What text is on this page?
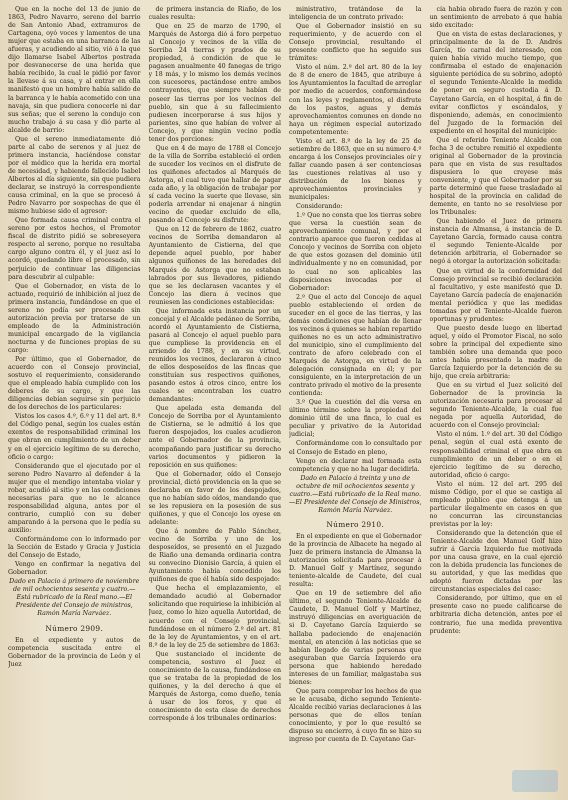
Que en la noche del 13 de junio de 1863, Pedro Navarro, sereno del barrio de San Antonio Abad, extramuros de Cartagena, oyó voces y lamentos de una mujer que estaba en una barranca de las afueras, y acudiendo al sitio, vió á la que dijo llamarse Isabel Albertos postrada por desvanecerse de una herida que había recibido, la cual le pidió por favor la llevase á su casa, y al entrar en ella manifestó que un hombre había salido de la barranca y le había acometido con una navaja, sin que pudiera conocerle ni dar sus señas; que el sereno la condujo con mucho trabajo á su casa y dió parte al alcalde de barrio:

Que el sereno inmediatamente dió parte al cabo de serenos y al juez de primera instancia, haciéndose constar por el médico que la herida era mortal de necesidad, y habiendo fallecido Isabel Albertos al día siguiente, sin que pudiera declarar, se instruyó la correspondiente causa criminal, en la que se procesó á Pedro Navarro por sospechas de que él mismo hubiese sido el agresor:

Que formada causa criminal contra el sereno por estos hechos, el Promotor fiscal de distrito pidió se sobreseyera respecto al sereno, porque no resultaba cargo alguno contra él, y el juez así lo acordó, quedando libre el procesado, sin perjuicio de continuar las diligencias para descubrir al culpable:

Que el Gobernador, en vista de lo actuado, requirió de inhibición al juez de primera instancia, fundándose en que el sereno no podía ser procesado sin autorización previa por tratarse de un empleado de la Administración municipal encargado de la vigilancia nocturna y de funciones propias de su cargo:

Por último, que el Gobernador, de acuerdo con el Consejo provincial, sostuvo el requerimiento, considerando que el empleado había cumplido con los deberes de su cargo, y que las diligencias debían seguirse sin perjuicio de los derechos de los particulares:

Vistos los casos 4.º, 6.º y 11 del art. 8.º del Código penal, según los cuales están exentos de responsabilidad criminal los que obran en cumplimiento de un deber y en el ejercicio legítimo de su derecho, oficio o cargo:

Considerando que el ejecutado por el sereno Pedro Navarro al defender á la mujer que el mendigo intentaba violar y robar, acudió al sitio y en las condiciones necesarias para que no le alcance responsabilidad alguna, antes por el contrario, cumplió con su deber amparando á la persona que le pedía su auxilio:

Conformándome con lo informado por la Sección de Estado y Gracia y Justicia del Consejo de Estado,

Vengo en confirmar la negativa del Gobernador.

Dado en Palacio á primero de noviembre de mil ochocientos sesenta y cuatro.—Está rubricado de la Real mano.—El Presidente del Consejo de ministros, Ramón María Narváez.

Número 2909.

En el expediente y autos de competencia suscitada entre el Gobernador de la provincia de León y el Juez

de primera instancia de Riaño, de los cuales resulta:

Que en 25 de marzo de 1790, el Marqués de Astorga dió á foro perpetuo al Concejo y vecinos de la villa de Sorriba 24 tierras y prados de su propiedad, á condición de que le pagasen anualmente 40 fanegas de trigo y 18 más, y lo mismo los demás vecinos con sucesores, pactándose entre ambos contrayentes, que siempre habían de poseer las tierras por los vecinos del pueblo, sin que á su fallecimiento pudiesen incorporarse á sus hijos y parientes, sino que habían de volver al Concejo, y que ningún vecino podía tener dos porciones:

Que en 4 de mayo de 1788 el Concejo de la villa de Sorriba estableció el orden de suceder los vecinos en el disfrute de los quiñones afectados al Marqués de Astorga, el cual tuvo que hallar de pagar cada año, y la obligación de trabajar por sí cada vecino la suerte que llevase, sin poderla arrendar ni enajenar á ningún vecino de quedar excluido de ella, pasando al Concejo su disfrute:

Que en 12 de febrero de 1862, cuatro vecinos de Sorriba demandaron al Ayuntamiento de Cistierna, del que depende aquel pueblo, por haber algunos quiñones de las heredades del Marqués de Astorga que no estaban labrados por sus llevadores, pidiendo que se les declarasen vacantes y el Concejo las diera á vecinos que reuniesen las condiciones establecidas:

Que informada esta instancia por un concejal y el Alcalde pedáneo de Sorriba, acordó el Ayuntamiento de Cistierna, pasará al Concejo el aquel pueblo para que cumpliese la providencia en el arriendo de 1788, y en su virtud, reunidos los vecinos, declararon á cinco de ellos desposeídos de las fincas que constituían sus respectivos quiñones, pasando estos á otros cinco, entre los cuales se encontraban los cuatro demandantes:

Que apelada esta demanda del Concejo de Sorriba por el Ayuntamiento de Cistierna, se le admitió á los que fueron despojados, los cuales acudieron ante el Gobernador de la provincia, acompañando para justificar su derecho varios documentos y pidieron la reposición en sus quiñones:

Que el Gobernador, oído el Consejo provincial, dictó providencia en la que se declaraba en favor de los despojados, que no habían sido oídos, mandando que se les repusiera en la posesión de sus quiñones, y que el Concejo los oyese en adelante:

Que á nombre de Pablo Sánchez, vecino de Sorriba y uno de los desposeídos, se presentó en el Juzgado de Riaño una demanda ordinaria contra su convecino Dionisio García, á quien el Ayuntamiento había concedido los quiñones de que él había sido despojado:

Que hecha el emplazamiento, el demandado acudió al Gobernador solicitando que requiriese la inhibición al Juez, como lo hizo aquella Autoridad, de acuerdo con el Consejo provincial, fundándose en el número 2.º del art. 81 de la ley de Ayuntamientos, y en el art. 8.º de la ley de 25 de setiembre de 1863:

Que sustanciado el incidente de competencia, sostuvo el Juez el conocimiento de la causa, fundándose en que se trataba de la propiedad de los quiñones, y la del derecho á que el Marqués de Astorga, como dueño, tenía á usar de los foros, y que el conocimiento de esta clase de derechos corresponde á los tribunales ordinarios:

ministrativo, tratándose de la inteligencia de un contrato privado:

Que el Gobernador insistió en su requerimiento, y de acuerdo con el Consejo provincial, resultando el presente conflicto que ha seguido sus trámites:

Visto el núm. 2.º del art. 80 de la ley de 8 de enero de 1845, que atribuye á los Ayuntamientos la facultad de arreglar por medio de acuerdos, conformándose con las leyes y reglamentos, el disfrute de los pastos, aguas y demás aprovechamientos comunes en donde no haya un régimen especial autorizado competentemente:

Visto el art. 8.º de la ley de 25 de setiembre de 1863, que en su número 4.º encarga á los Consejos provinciales oír y fallar cuando pasen á ser contenciosas las cuestiones relativas al uso y distribución de los bienes y aprovechamientos provinciales y municipales:

Considerando:

1.º Que no consta que los tierras sobre que versa la cuestión sean de aprovechamiento comunal, y por el contrario aparece que fueron cedidas al Concejo y vecinos de Sorriba con objeto de que estos gozasen del dominio útil individualmente y no en comunidad, por lo cual no son aplicables las disposiciones invocadas por el Gobernador:

2.º Que el acto del Concejo de aquel pueblo estableciendo el orden de suceder en el goce de las tierras, y las demás condiciones que habían de llenar los vecinos á quienes se habían repartido quiñones no es un acto administrativo del municipio, sino el cumplimiento del contrato de aforo celebrado con el Marqués de Astorga, en virtud de la delegación consignada en él; y por consiguiente, en la interpretación de un contrato privado el motivo de la presente contienda:

3.º Que la cuestión del día versa en último término sobre la propiedad del dominio útil de una finca, lo cual es peculiar y privativo de la Autoridad judicial;

Conformándome con lo consultado por el Consejo de Estado en pleno,

Vengo en declarar mal formada esta competencia y que no ha lugar decidirla.

Dado en Palacio á treinta y uno de octubre de mil ochocientos sesenta y cuatro.—Está rubricado de la Real mano.—El Presidente del Consejo de Ministros, Ramón María Narváez.

Número 2910.

En el expediente en que el Gobernador de la provincia de Albacete ha negado al Juez de primera instancia de Almansa la autorización solicitada para procesar á D. Manuel Golf y Martínez, segundo teniente-alcalde de Caudete, del cual resulta:

Que en 19 de setiembre del año último, el segundo Teniente-Alcalde de Caudete, D. Manuel Golf y Martínez, instruyó diligencias en averiguación de si D. Cayetano García Izquierdo se hallaba padeciendo de enajenación mental, en atención á las noticias que se habían llegado de varias personas que aseguraban que García Izquierdo era persona que habiendo heredado intereses de un familiar, malgastaba sus bienes:

Que para comprobar los hechos de que se le acusaba, dicho segundo Teniente-Alcalde recibió varias declaraciones á las personas que de ellos tenían conocimiento, y por lo que resultó se dispuso su encierro, á cuyo fin se hizo su ingreso por cuenta de D. Cayetano Gar-

cía había obrado fuera de razón y con un sentimiento de arrebato á que había sido excitado:

Que en vista de estas declaraciones, y principalmente de la de D. Andrés García, tío carnal del interesado, con quien había vivido mucho tiempo, que confirmaba el estado de enajenación siguiente periódica de su sobrino, adoptó el segundo Teniente-Alcalde la medida de poner en seguro custodia á D. Cayetano García, en el hospital, á fin de evitar conflictos y escándalos, y disponiendo, además, en conocimiento del Juzgado de la formación del expediente en el hospital del municipio:

Que el referido Teniente Alcalde con fecha 3 de octubre remitió el expediente original al Gobernador de la provincia para que en vista de sus resultados dispusiera lo que creyese más conveniente, y que el Gobernador por su parte determinó que fuese trasladado al hospital de la provincia en calidad de demente, en tanto no se resolviese por los Tribunales:

Que habiendo el Juez de primera instancia de Almansa, á instancia de D. Cayetano García, formado causa contra el segundo Teniente-Alcalde por detención arbitraria, el Gobernador se negó á otorgar la autorización solicitada:

Que en virtud de la conformidad del Consejo provincial se recibió declaración al facultativo, y este manifestó que D. Cayetano García padecía de enajenación mental periódica y que las medidas tomadas por el Teniente-Alcalde fueron oportunas y prudentes:

Que puesto desde luego en libertad aquel, y oído el Promotor Fiscal, no solo sobre la principal del expediente sino también sobre una demanda que poco antes había presentado la madre de García Izquierdo por la detención de su hijo, que creía arbitraria:

Que en su virtud el Juez solicitó del Gobernador de la provincia la autorización necesaria para procesar al segundo Teniente-Alcalde, la cual fue negada por aquella Autoridad, de acuerdo con el Consejo provincial:

Visto el núm. 1.º del art. 30 del Código penal, según el cual está exento de responsabilidad criminal el que obra en cumplimiento de un deber o en el ejercicio legítimo de su derecho, autoridad, oficio ó cargo:

Visto el núm. 12 del art. 295 del mismo Código, por el que se castiga al empleado público que detenga á un particular ilegalmente en casos en que no concurran las circunstancias previstas por la ley:

Considerando que la detención que el Teniente-Alcalde don Manuel Golf hizo sufrir á García Izquierdo fue motivada por una causa grave, en la cual ejerció con la debida prudencia las funciones de su autoridad, y que las medidas que adoptó fueron dictadas por las circunstancias especiales del caso:

Considerando, por último, que en el presente caso no puede calificarse de arbitraria dicha detención, antes por el contrario, fue una medida preventiva prudente:
